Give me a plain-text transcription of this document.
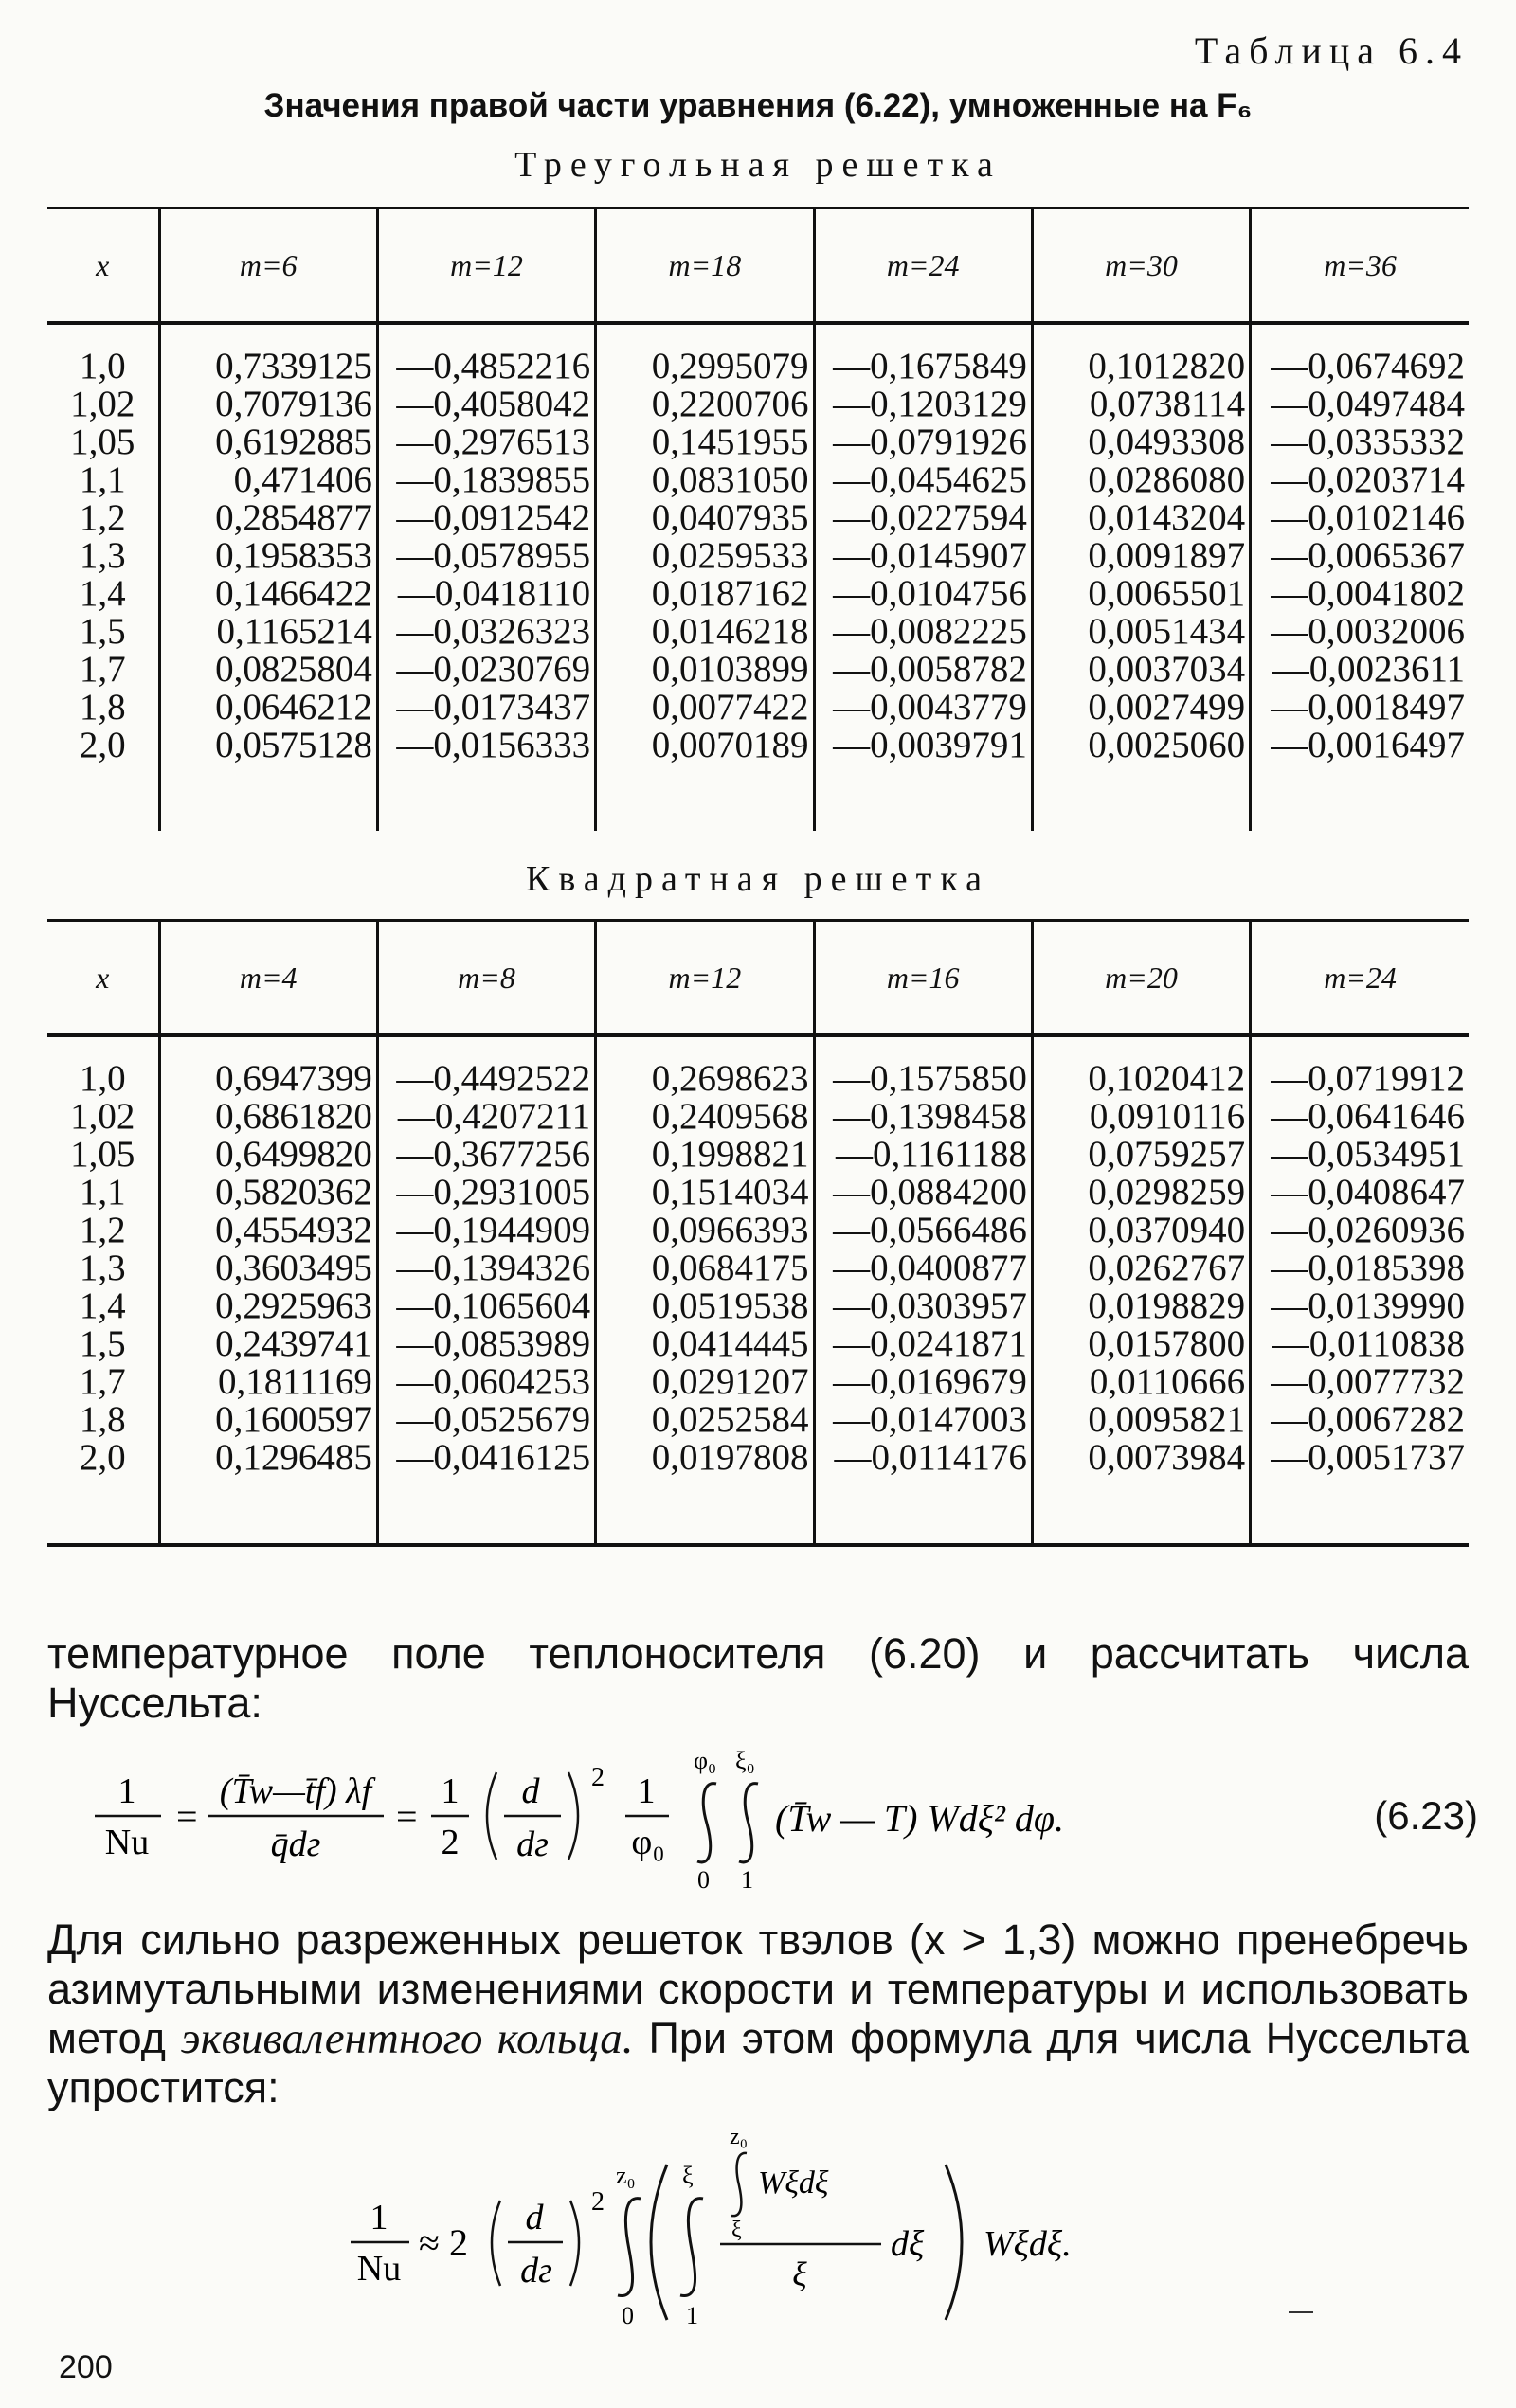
Таблица 6.4
Значения правой части уравнения (6.22), умноженные на F₆
Треугольная решетка
x	m=6	m=12	m=18	m=24	m=30	m=36

1,0	0,7339125	—0,4852216	0,2995079	—0,1675849	0,1012820	—0,0674692
1,02	0,7079136	—0,4058042	0,2200706	—0,1203129	0,0738114	—0,0497484
1,05	0,6192885	—0,2976513	0,1451955	—0,0791926	0,0493308	—0,0335332
1,1	0,471406	—0,1839855	0,0831050	—0,0454625	0,0286080	—0,0203714
1,2	0,2854877	—0,0912542	0,0407935	—0,0227594	0,0143204	—0,0102146
1,3	0,1958353	—0,0578955	0,0259533	—0,0145907	0,0091897	—0,0065367
1,4	0,1466422	—0,0418110	0,0187162	—0,0104756	0,0065501	—0,0041802
1,5	0,1165214	—0,0326323	0,0146218	—0,0082225	0,0051434	—0,0032006
1,7	0,0825804	—0,0230769	0,0103899	—0,0058782	0,0037034	—0,0023611
1,8	0,0646212	—0,0173437	0,0077422	—0,0043779	0,0027499	—0,0018497
2,0	0,0575128	—0,0156333	0,0070189	—0,0039791	0,0025060	—0,0016497

Квадратная решетка
x	m=4	m=8	m=12	m=16	m=20	m=24

1,0	0,6947399	—0,4492522	0,2698623	—0,1575850	0,1020412	—0,0719912
1,02	0,6861820	—0,4207211	0,2409568	—0,1398458	0,0910116	—0,0641646
1,05	0,6499820	—0,3677256	0,1998821	—0,1161188	0,0759257	—0,0534951
1,1	0,5820362	—0,2931005	0,1514034	—0,0884200	0,0298259	—0,0408647
1,2	0,4554932	—0,1944909	0,0966393	—0,0566486	0,0370940	—0,0260936
1,3	0,3603495	—0,1394326	0,0684175	—0,0400877	0,0262767	—0,0185398
1,4	0,2925963	—0,1065604	0,0519538	—0,0303957	0,0198829	—0,0139990
1,5	0,2439741	—0,0853989	0,0414445	—0,0241871	0,0157800	—0,0110838
1,7	0,1811169	—0,0604253	0,0291207	—0,0169679	0,0110666	—0,0077732
1,8	0,1600597	—0,0525679	0,0252584	—0,0147003	0,0095821	—0,0067282
2,0	0,1296485	—0,0416125	0,0197808	—0,0114176	0,0073984	—0,0051737

температурное поле теплоносителя (6.20) и рассчитать числа Нуссельта:
1
Nu
=
(T̄w—t̄f) λf
q̄dг
=
1
2
d
dг
2 1
φ₀
φ₀
0
ξ₀
1
(T̄w — T) Wdξ² dφ.	(6.23)
Для сильно разреженных решеток твэлов (x > 1,3) можно пренебречь азимутальными изменениями скорости и температуры и использовать метод эквивалентного кольца. При этом формула для числа Нуссельта упростится:
1
Nu
≈ 2
d
dг
2
z₀
0
ξ
1
z₀
ξ
Wξdξ
ξ
dξ Wξdξ.
200
